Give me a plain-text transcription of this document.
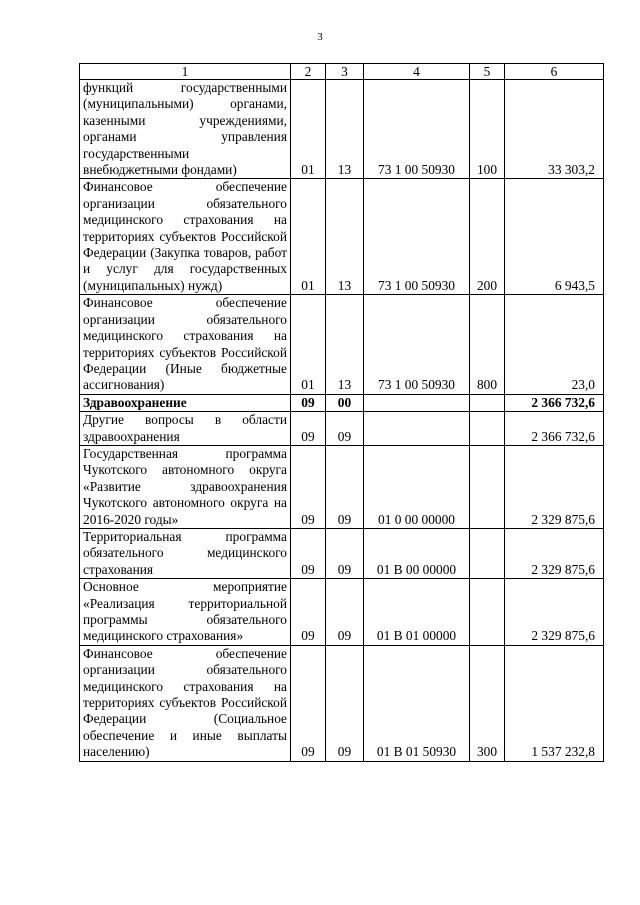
3
1	2	3	4	5	6
функций государственными (муниципальными) органами, казенными учреждениями, органами управления государственными внебюджетными фондами)	01	13	73 1 00 50930	100	33 303,2
Финансовое обеспечение организации обязательного медицинского страхования на территориях субъектов Российской Федерации (Закупка товаров, работ и услуг для государственных (муниципальных) нужд)	01	13	73 1 00 50930	200	6 943,5
Финансовое обеспечение организации обязательного медицинского страхования на территориях субъектов Российской Федерации (Иные бюджетные ассигнования)	01	13	73 1 00 50930	800	23,0
Здравоохранение	09	00			2 366 732,6
Другие вопросы в области здравоохранения	09	09			2 366 732,6
Государственная программа Чукотского автономного округа «Развитие здравоохранения Чукотского автономного округа на 2016-2020 годы»	09	09	01 0 00 00000		2 329 875,6
Территориальная программа обязательного медицинского страхования	09	09	01 В 00 00000		2 329 875,6
Основное мероприятие «Реализация территориальной программы обязательного медицинского страхования»	09	09	01 В 01 00000		2 329 875,6
Финансовое обеспечение организации обязательного медицинского страхования на территориях субъектов Российской Федерации (Социальное обеспечение и иные выплаты населению)	09	09	01 В 01 50930	300	1 537 232,8
